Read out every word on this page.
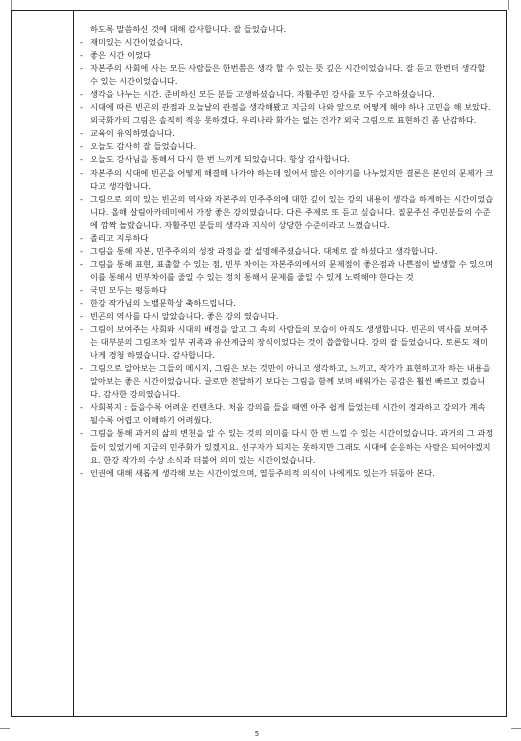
하도록 말씀하신 것에 대해 감사합니다. 잘 들었습니다.
- 재미있는 시간이었습니다.
- 좋은 시간 이었다
- 자본주의 사회에 사는 모든 사람들은 한번쯤은 생각 할 수 있는 뜻 깊은 시간이었습니다. 잘 듣고 한번더 생각할 수 있는 시간이었습니다.
- 생각을 나누는 시간. 준비하신 모든 분들 고생하셨습니다. 자활주민 강사를 모두 수고하셨습니다.
- 시대에 따른 빈곤의 관점과 오늘날의 관점을 생각해봤고 지금의 나와 앞으로 어떻게 해야 하나 고민을 해 보았다. 외국화가의 그림은 솔직히 적응 못하겠다. 우리나라 화가는 없는 건가? 외국 그림으로 표현하긴 좀 난감하다.
- 교육이 유익하였습니다.
- 오늘도 감사히 잘 들었습니다.
- 오늘도 강사님을 통해서 다시 한 번 느끼게 되었습니다. 항상 감사합니다.
- 자본주의 시대에 빈곤을 어떻게 해결해 나가야 하는데 있어서 많은 이야기를 나누었지만 결론은 본인의 문제가 크다고 생각합니다.
- 그림으로 의미 있는 빈곤의 역사와 자본주의 민주주의에 대한 깊이 있는 강의 내용이 생각을 하게하는 시간이었습니다. 올해 살림아카데미에서 가장 좋은 강의였습니다. 다른 주제로 또 듣고 싶습니다. 질문주신 주민분들의 수준에 깜짝 놀랐습니다. 자활주민 분들의 생각과 지식이 상당한 수준이라고 느꼈습니다.
- 졸리고 지루하다
- 그림을 통해 자본, 민주주의의 성장 과정을 잘 설명해주셨습니다. 대체로 잘 하셨다고 생각합니다.
- 그림을 통해 표현, 표출할 수 있는 점, 빈부 차이는 자본주의에서의 문제점이 좋은점과 나쁜점이 발생할 수 있으며 이를 통해서 빈부차이를 줄일 수 있는 정치 통해서 문제를 줄일 수 있게 노력해야 한다는 것
- 국민 모두는 평등하다
- 한강 작가님의 노벨문학상 축하드립니다.
- 빈곤의 역사를 다시 알았습니다. 좋은 강의 였습니다.
- 그림이 보여주는 사회와 시대의 배경을 알고 그 속의 사람들의 모습이 아직도 생생합니다. 빈곤의 역사를 보여주는 대부분의 그림조차 일부 귀족과 유산계급의 장식이었다는 것이 씁쓸합니다. 강의 잘 들었습니다. 토론도 재미나게 경청 하였습니다. 감사합니다.
- 그림으로 알아보는 그들의 메시지, 그림은 보는 것만이 아니고 생각하고, 느끼고, 작가가 표현하고자 하는 내용을 알아보는 좋은 시간이었습니다. 글로만 전달하기 보다는 그림을 함께 보며 배워가는 공감은 훨씬 빠르고 컸습니다. 감사한 강의였습니다.
- 사회복지 : 들을수록 어려운 컨텐츠다. 처음 강의를 들을 때엔 아주 쉽게 들었는데 시간이 경과하고 강의가 계속 될수록 어렵고 이해하기 어려웠다.
- 그림을 통해 과거의 삶의 변천을 알 수 있는 것의 의미를 다시 한 번 느낄 수 있는 시간이었습니다. 과거의 그 과정들이 있었기에 지금의 민주화가 있겠지요. 선구자가 되지는 못하지만 그래도 시대에 순응하는 사람은 되어야겠지요. 한강 작가의 수상 소식과 더불어 의미 있는 시간이었습니다.
- 인권에 대해 새롭게 생각해 보는 시간이었으며, 열등주의적 의식이 나에게도 있는가 뒤돌아 본다.
5
